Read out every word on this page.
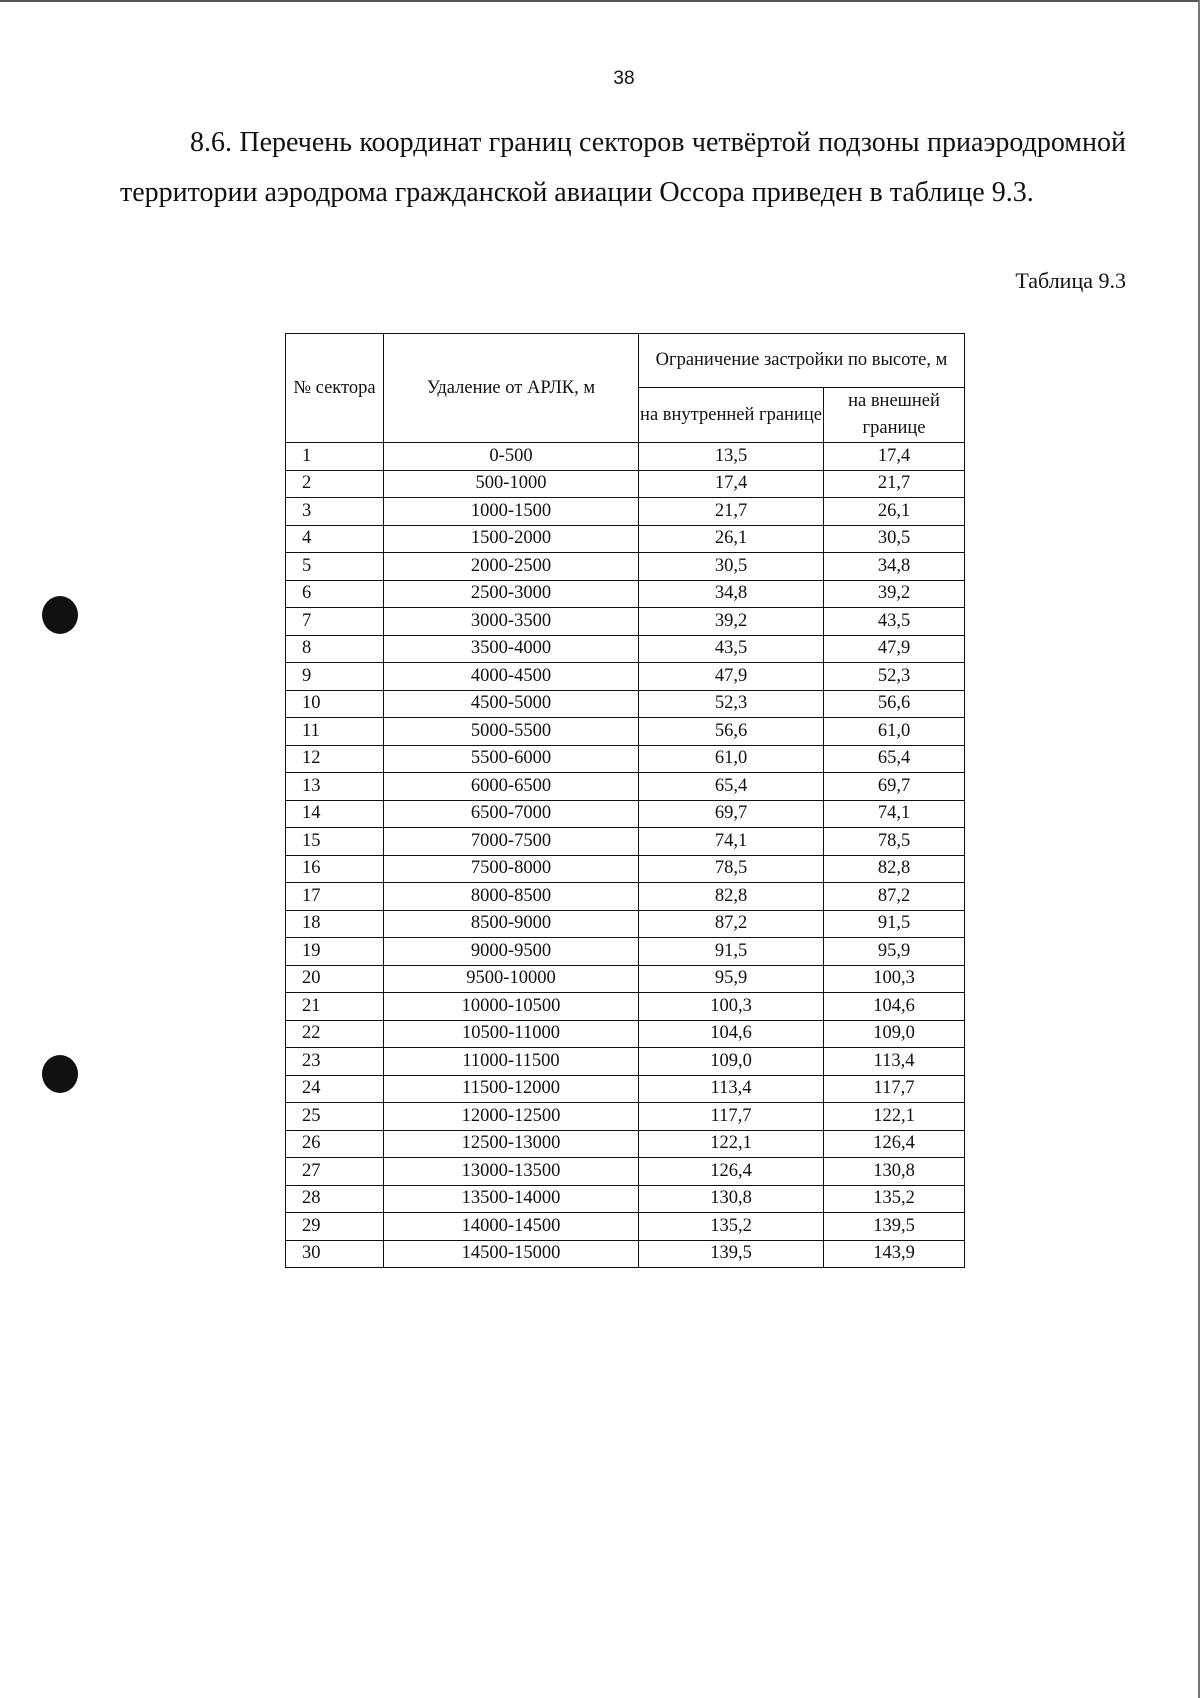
38

8.6. Перечень координат границ секторов четвёртой подзоны приаэродромной территории аэродрома гражданской авиации Оссора приведен в таблице 9.3.

Таблица 9.3
№ сектора	Удаление от АРЛК, м	Ограничение застройки по высоте, м	
		на внутренней границе	на внешней границе
1	0-500	13,5	17,4
2	500-1000	17,4	21,7
3	1000-1500	21,7	26,1
4	1500-2000	26,1	30,5
5	2000-2500	30,5	34,8
6	2500-3000	34,8	39,2
7	3000-3500	39,2	43,5
8	3500-4000	43,5	47,9
9	4000-4500	47,9	52,3
10	4500-5000	52,3	56,6
11	5000-5500	56,6	61,0
12	5500-6000	61,0	65,4
13	6000-6500	65,4	69,7
14	6500-7000	69,7	74,1
15	7000-7500	74,1	78,5
16	7500-8000	78,5	82,8
17	8000-8500	82,8	87,2
18	8500-9000	87,2	91,5
19	9000-9500	91,5	95,9
20	9500-10000	95,9	100,3
21	10000-10500	100,3	104,6
22	10500-11000	104,6	109,0
23	11000-11500	109,0	113,4
24	11500-12000	113,4	117,7
25	12000-12500	117,7	122,1
26	12500-13000	122,1	126,4
27	13000-13500	126,4	130,8
28	13500-14000	130,8	135,2
29	14000-14500	135,2	139,5
30	14500-15000	139,5	143,9
